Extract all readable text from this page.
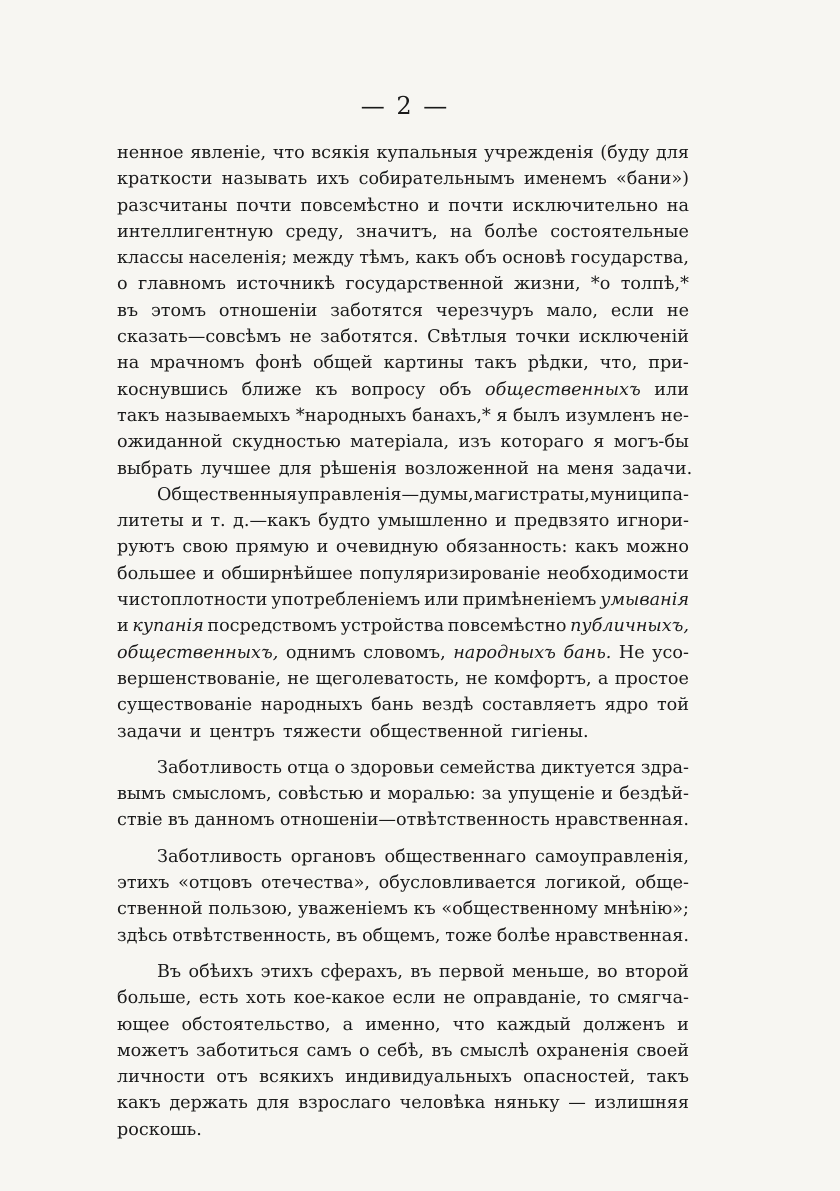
— 2 —
ненное явленіе, что всякія купальныя учрежденія (буду для
краткости называть ихъ собирательнымъ именемъ «бани»)
разсчитаны почти повсемѣстно и почти исключительно на
интеллигентную среду, значитъ, на болѣе состоятельные
классы населенія; между тѣмъ, какъ объ основѣ государства,
о главномъ источникѣ государственной жизни, *о толпѣ,*
въ этомъ отношеніи заботятся черезчуръ мало, если не
сказать—совсѣмъ не заботятся. Свѣтлыя точки исключеній
на мрачномъ фонѣ общей картины такъ рѣдки, что, при-
коснувшись ближе къ вопросу объ общественныхъ или
такъ называемыхъ *народныхъ банахъ,* я былъ изумленъ не-
ожиданной скудностью матеріала, изъ котораго я могъ-бы
выбрать лучшее для рѣшенія возложенной на меня задачи.
Общественныя управленія—думы, магистраты, муниципа-
литеты и т. д.—какъ будто умышленно и предвзято игнори-
руютъ свою прямую и очевидную обязанность: какъ можно
большее и обширнѣйшее популяризированіе необходимости
чистоплотности употребленіемъ или примѣненіемъ умыванія
и купанія посредствомъ устройства повсемѣстно публичныхъ,
общественныхъ, однимъ словомъ, народныхъ бань. Не усо-
вершенствованіе, не щеголеватость, не комфортъ, а простое
существованіе народныхъ бань вездѣ составляетъ ядро той
задачи и центръ тяжести общественной гигіены.
Заботливость отца о здоровьи семейства диктуется здра-
вымъ смысломъ, совѣстью и моралью: за упущеніе и бездѣй-
ствіе въ данномъ отношеніи—отвѣтственность нравственная.
Заботливость органовъ общественнаго самоуправленія,
этихъ «отцовъ отечества», обусловливается логикой, обще-
ственной пользою, уваженіемъ къ «общественному мнѣнію»;
здѣсь отвѣтственность, въ общемъ, тоже болѣе нравственная.
Въ обѣихъ этихъ сферахъ, въ первой меньше, во второй
больше, есть хоть кое-какое если не оправданіе, то смягча-
ющее обстоятельство, а именно, что каждый долженъ и
можетъ заботиться самъ о себѣ, въ смыслѣ охраненія своей
личности отъ всякихъ индивидуальныхъ опасностей, такъ
какъ держать для взрослаго человѣка няньку — излишняя
роскошь.
